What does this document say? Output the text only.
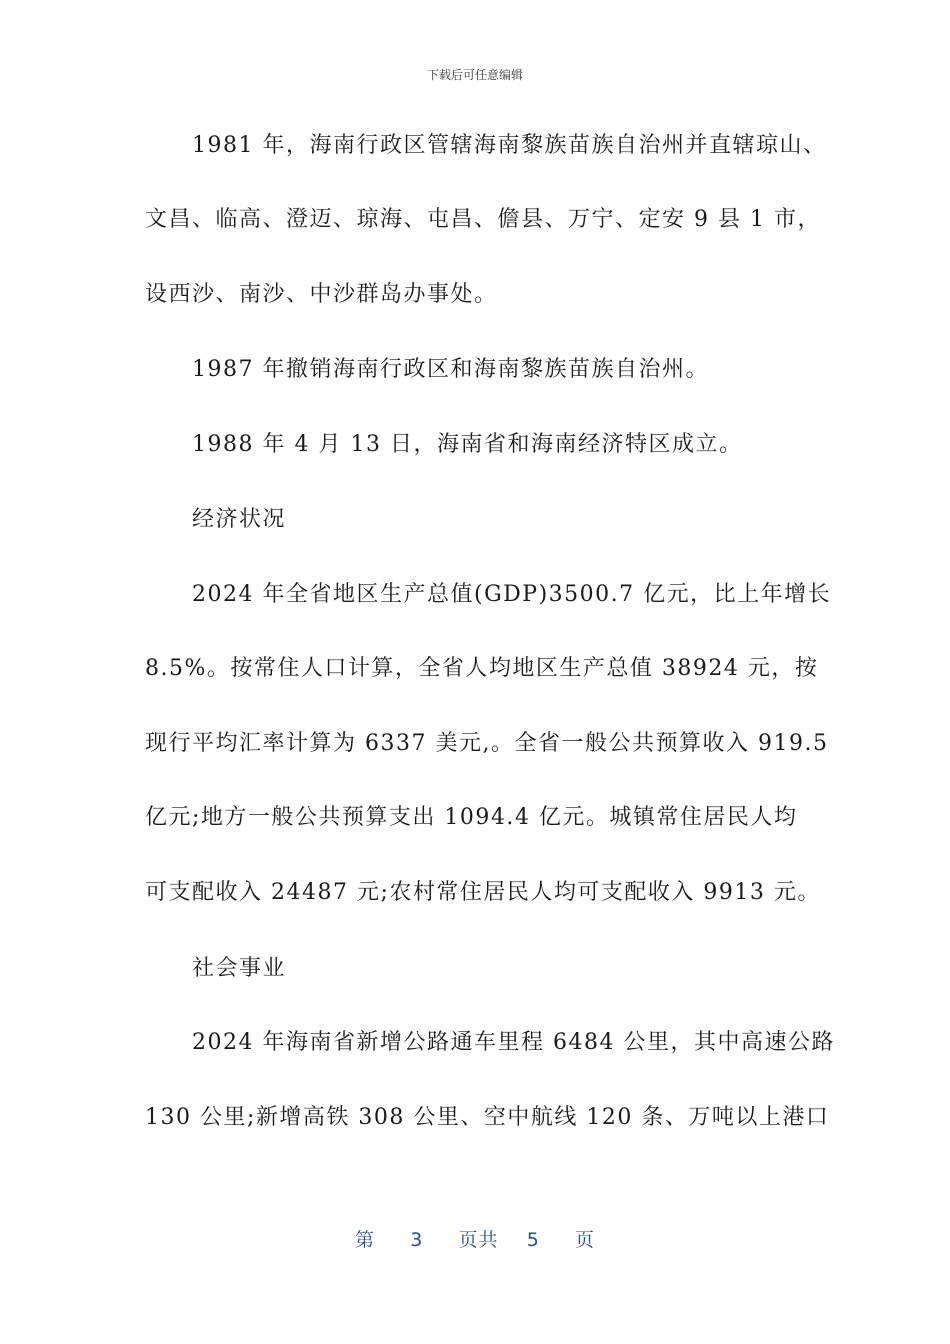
下载后可任意编辑
1981 年，海南行政区管辖海南黎族苗族自治州并直辖琼山、
文昌、临高、澄迈、琼海、屯昌、儋县、万宁、定安 9 县 1 市，
设西沙、南沙、中沙群岛办事处。
1987 年撤销海南行政区和海南黎族苗族自治州。
1988 年 4 月 13 日，海南省和海南经济特区成立。
经济状况
2024 年全省地区生产总值(GDP)3500.7 亿元，比上年增长
8.5%。按常住人口计算，全省人均地区生产总值 38924 元，按
现行平均汇率计算为 6337 美元,。全省一般公共预算收入 919.5
亿元;地方一般公共预算支出 1094.4 亿元。城镇常住居民人均
可支配收入 24487 元;农村常住居民人均可支配收入 9913 元。
社会事业
2024 年海南省新增公路通车里程 6484 公里，其中高速公路
130 公里;新增高铁 308 公里、空中航线 120 条、万吨以上港口
第 3 页共 5 页
